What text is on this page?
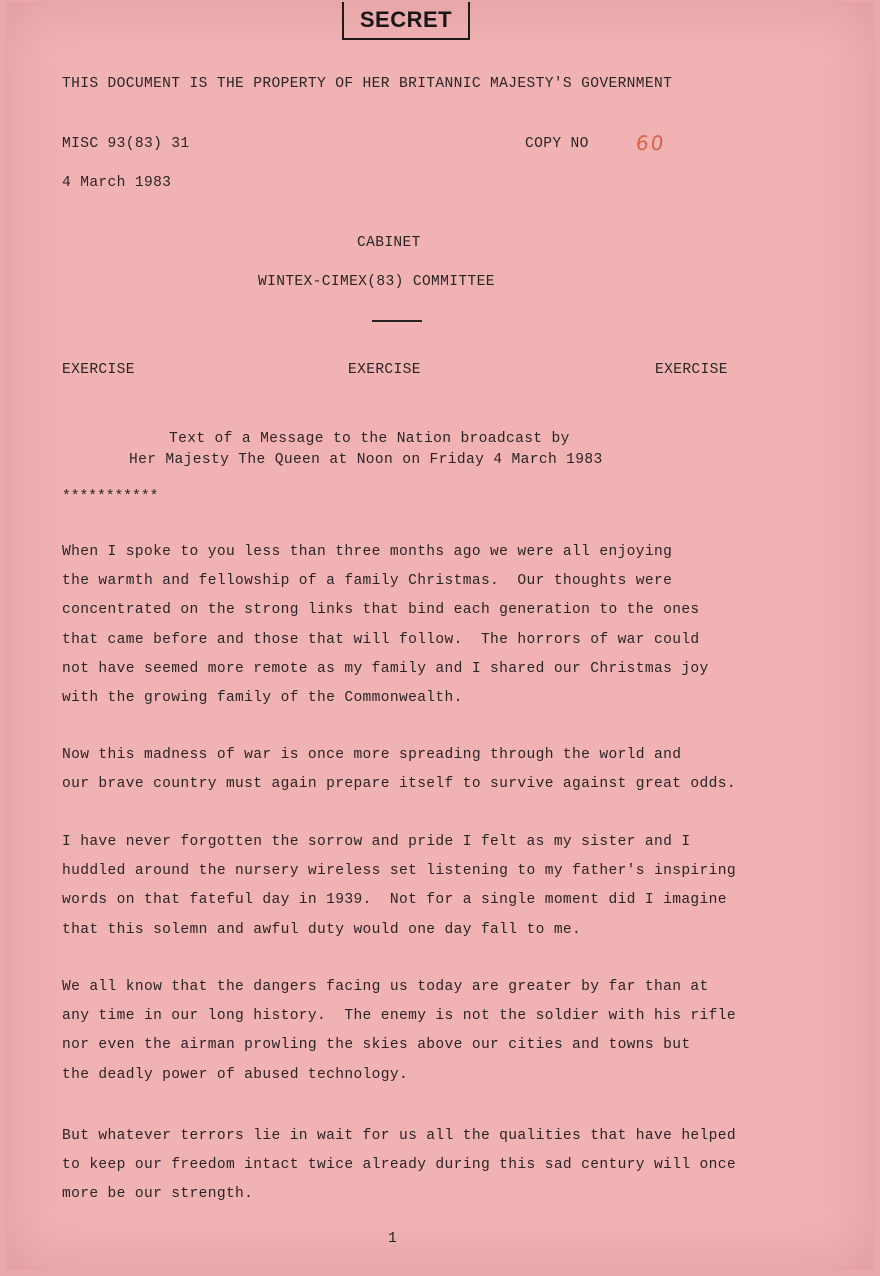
SECRET
THIS DOCUMENT IS THE PROPERTY OF HER BRITANNIC MAJESTY'S GOVERNMENT
MISC 93(83) 31	COPY NO 60
4 March 1983
CABINET
WINTEX-CIMEX(83) COMMITTEE
EXERCISE	EXERCISE	EXERCISE
Text of a Message to the Nation broadcast by
Her Majesty The Queen at Noon on Friday 4 March 1983
***********
When I spoke to you less than three months ago we were all enjoying
the warmth and fellowship of a family Christmas.  Our thoughts were
concentrated on the strong links that bind each generation to the ones
that came before and those that will follow.  The horrors of war could
not have seemed more remote as my family and I shared our Christmas joy
with the growing family of the Commonwealth.
Now this madness of war is once more spreading through the world and
our brave country must again prepare itself to survive against great odds.
I have never forgotten the sorrow and pride I felt as my sister and I
huddled around the nursery wireless set listening to my father's inspiring
words on that fateful day in 1939.  Not for a single moment did I imagine
that this solemn and awful duty would one day fall to me.
We all know that the dangers facing us today are greater by far than at
any time in our long history.  The enemy is not the soldier with his rifle
nor even the airman prowling the skies above our cities and towns but
the deadly power of abused technology.
But whatever terrors lie in wait for us all the qualities that have helped
to keep our freedom intact twice already during this sad century will once
more be our strength.
1
